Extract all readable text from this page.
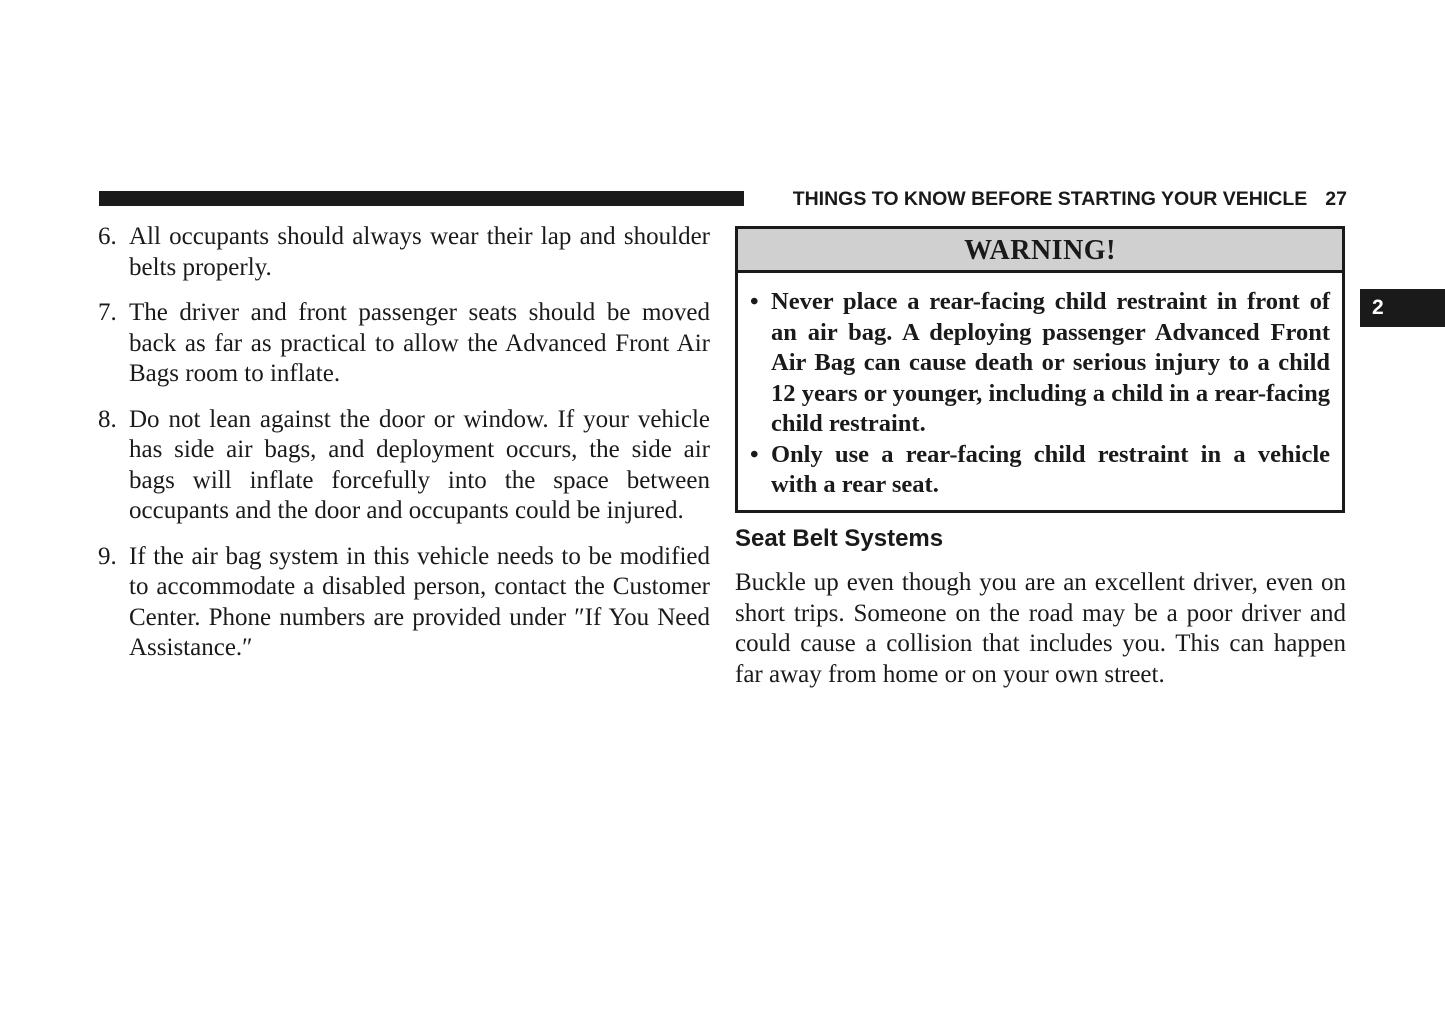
THINGS TO KNOW BEFORE STARTING YOUR VEHICLE 27
2
6. All occupants should always wear their lap and shoulder belts properly.
7. The driver and front passenger seats should be moved back as far as practical to allow the Advanced Front Air Bags room to inflate.
8. Do not lean against the door or window. If your vehicle has side air bags, and deployment occurs, the side air bags will inflate forcefully into the space between occupants and the door and occupants could be injured.
9. If the air bag system in this vehicle needs to be modified to accommodate a disabled person, contact the Customer Center. Phone numbers are provided under ″If You Need Assistance.″
WARNING!
• Never place a rear-facing child restraint in front of an air bag. A deploying passenger Advanced Front Air Bag can cause death or serious injury to a child 12 years or younger, including a child in a rear-facing child restraint.
• Only use a rear-facing child restraint in a vehicle with a rear seat.
Seat Belt Systems
Buckle up even though you are an excellent driver, even on short trips. Someone on the road may be a poor driver and could cause a collision that includes you. This can happen far away from home or on your own street.
